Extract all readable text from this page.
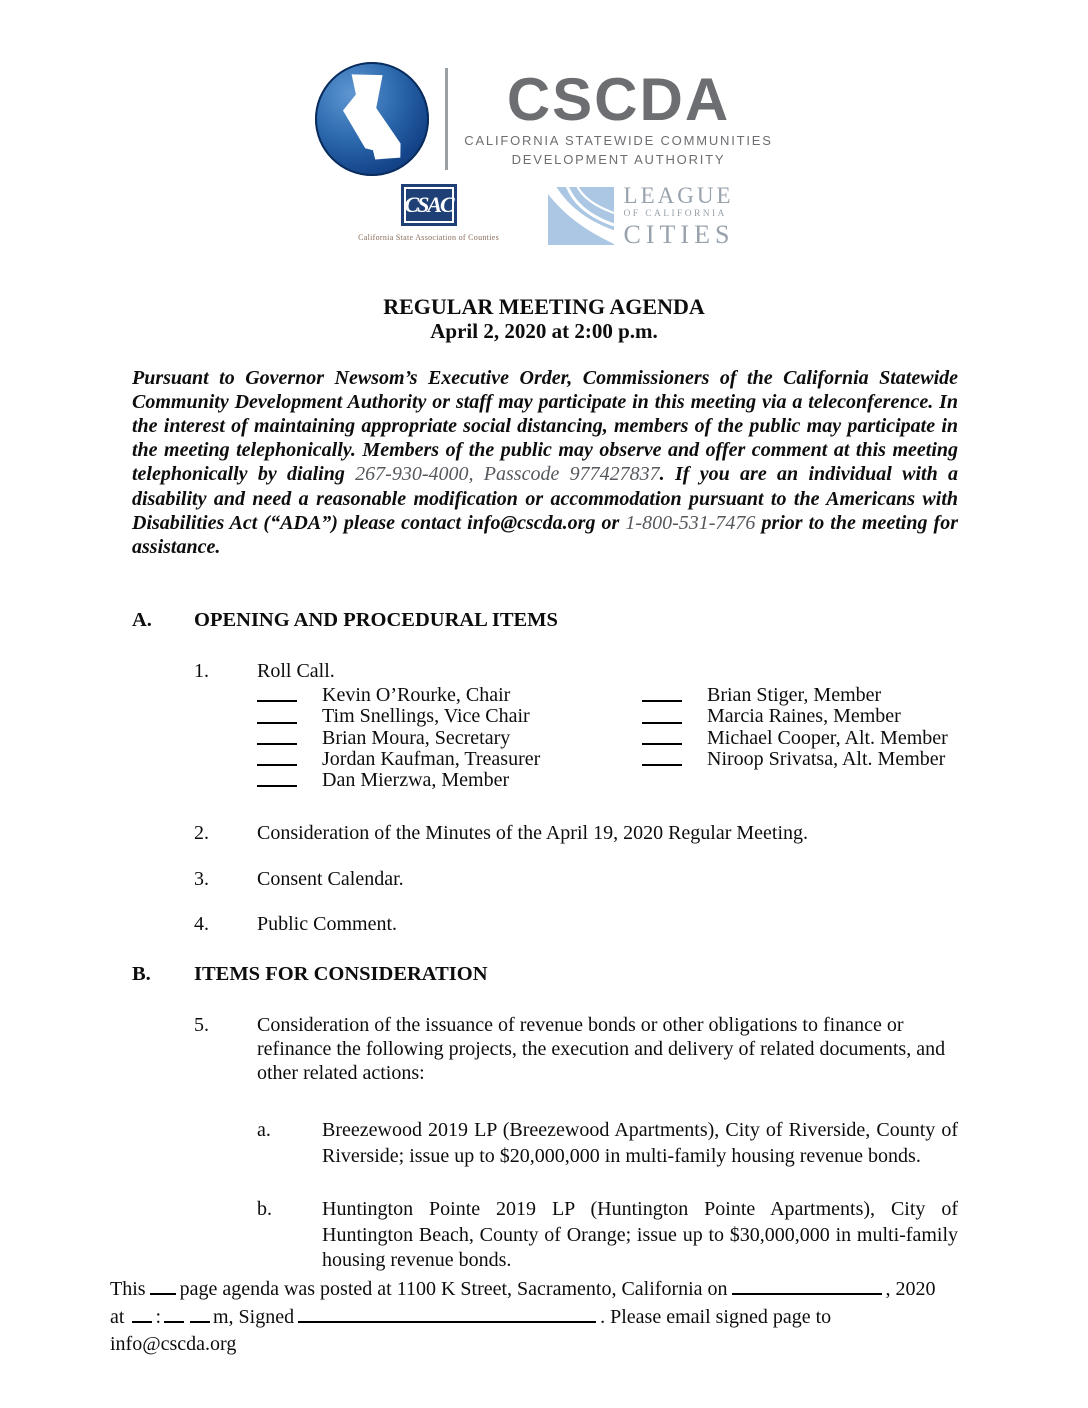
CSCDA
CALIFORNIA STATEWIDE COMMUNITIES
DEVELOPMENT AUTHORITY
CSAC
California State Association of Counties
LEAGUE
OF CALIFORNIA
CITIES
REGULAR MEETING AGENDA
April 2, 2020 at 2:00 p.m.
Pursuant to Governor Newsom’s Executive Order, Commissioners of the California Statewide Community Development Authority or staff may participate in this meeting via a teleconference. In the interest of maintaining appropriate social distancing, members of the public may participate in the meeting telephonically. Members of the public may observe and offer comment at this meeting telephonically by dialing 267-930-4000, Passcode 977427837. If you are an individual with a disability and need a reasonable modification or accommodation pursuant to the Americans with Disabilities Act (“ADA”) please contact info@cscda.org or 1-800-531-7476 prior to the meeting for assistance.
A.	OPENING AND PROCEDURAL ITEMS
1.	Roll Call.
Kevin O’Rourke, Chair
Tim Snellings, Vice Chair
Brian Moura, Secretary
Jordan Kaufman, Treasurer
Dan Mierzwa, Member
Brian Stiger, Member
Marcia Raines, Member
Michael Cooper, Alt. Member
Niroop Srivatsa, Alt. Member
2.	Consideration of the Minutes of the April 19, 2020 Regular Meeting.
3.	Consent Calendar.
4.	Public Comment.
B.	ITEMS FOR CONSIDERATION
5.	Consideration of the issuance of revenue bonds or other obligations to finance or refinance the following projects, the execution and delivery of related documents, and other related actions:
a.	Breezewood 2019 LP (Breezewood Apartments), City of Riverside, County of Riverside; issue up to $20,000,000 in multi-family housing revenue bonds.
b.	Huntington Pointe 2019 LP (Huntington Pointe Apartments), City of Huntington Beach, County of Orange; issue up to $30,000,000 in multi-family housing revenue bonds.
This page agenda was posted at 1100 K Street, Sacramento, California on	, 2020 at :	m, Signed	. Please email signed page to info@cscda.org
